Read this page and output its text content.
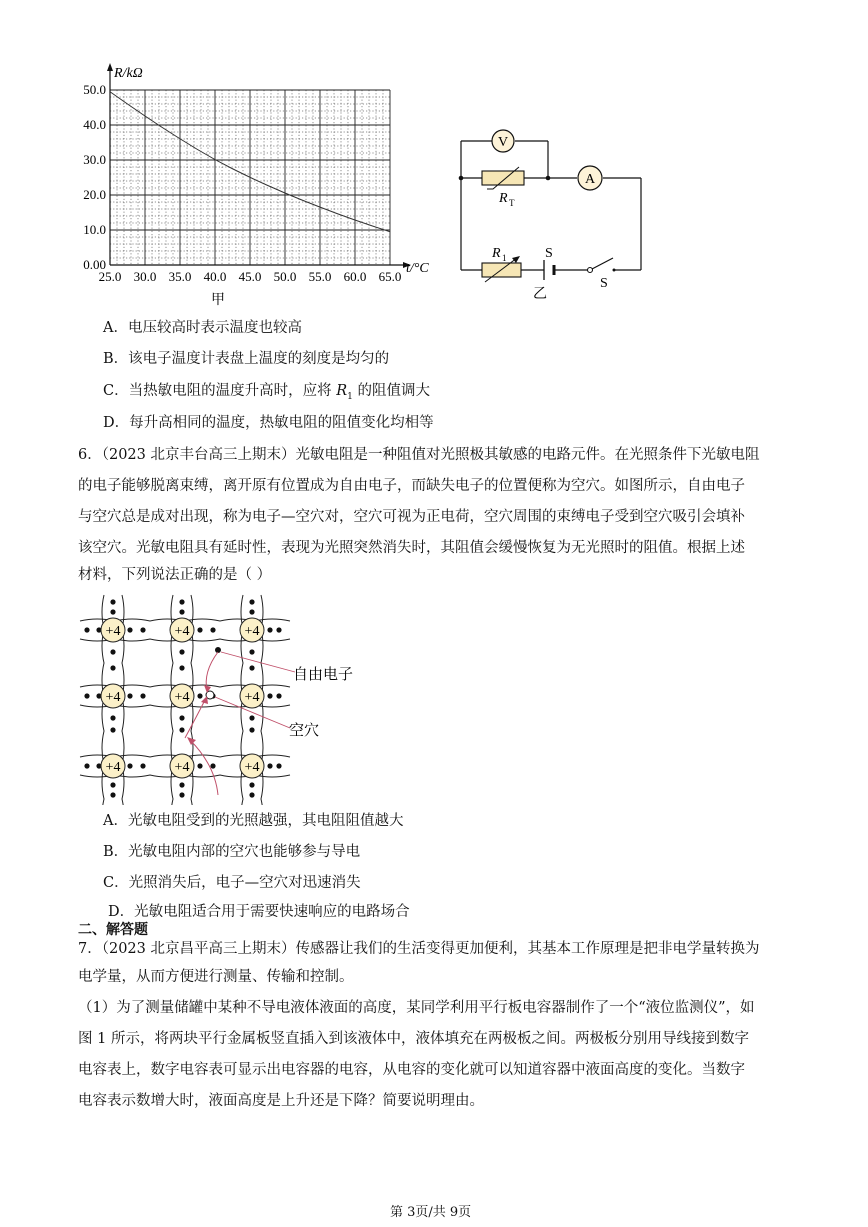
R/kΩ
t/°C
50.0
40.0
30.0
20.0
10.0
0.00
25.0 30.0 35.0 40.0 45.0 50.0 55.0 60.0 65.0
甲
V
R T
A
R 1	S
S
乙
A．电压较高时表示温度也较高
B．该电子温度计表盘上温度的刻度是均匀的
C．当热敏电阻的温度升高时，应将 $R_1$ 的阻值调大
D．每升高相同的温度，热敏电阻的阻值变化均相等
6．（2023 北京丰台高三上期末）光敏电阻是一种阻值对光照极其敏感的电路元件。在光照条件下光敏电阻
的电子能够脱离束缚，离开原有位置成为自由电子，而缺失电子的位置便称为空穴。如图所示，自由电子
与空穴总是成对出现，称为电子—空穴对，空穴可视为正电荷，空穴周围的束缚电子受到空穴吸引会填补
该空穴。光敏电阻具有延时性，表现为光照突然消失时，其阻值会缓慢恢复为无光照时的阻值。根据上述
材料，下列说法正确的是（ ）
+4	+4	+4
+4	+4	+4
+4	+4	+4
自由电子
空穴
A．光敏电阻受到的光照越强，其电阻阻值越大
B．光敏电阻内部的空穴也能够参与导电
C．光照消失后，电子—空穴对迅速消失
D．光敏电阻适合用于需要快速响应的电路场合
二、解答题
7．（2023 北京昌平高三上期末）传感器让我们的生活变得更加便利，其基本工作原理是把非电学量转换为
电学量，从而方便进行测量、传输和控制。
（1）为了测量储罐中某种不导电液体液面的高度，某同学利用平行板电容器制作了一个“液位监测仪”，如
图 1 所示，将两块平行金属板竖直插入到该液体中，液体填充在两极板之间。两极板分别用导线接到数字
电容表上，数字电容表可显示出电容器的电容，从电容的变化就可以知道容器中液面高度的变化。当数字
电容表示数增大时，液面高度是上升还是下降？简要说明理由。
第 3页/共 9页
